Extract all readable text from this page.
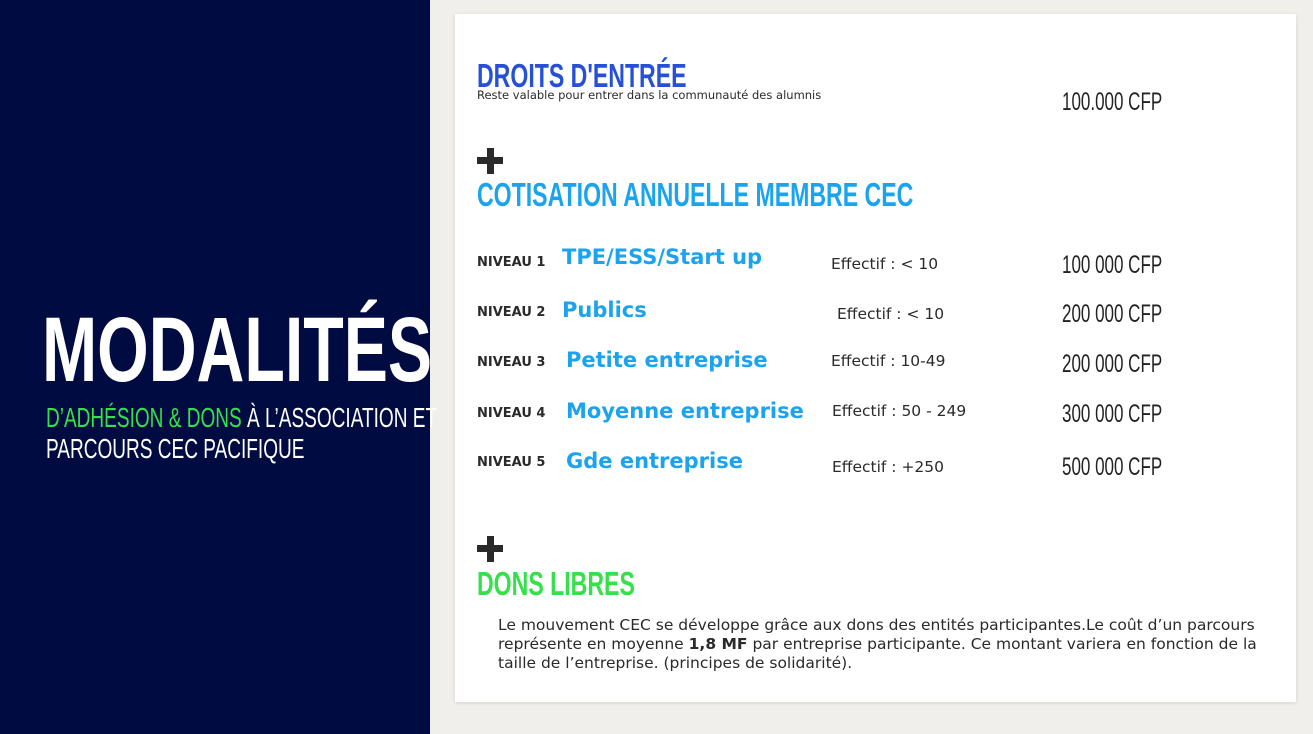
MODALITÉS
D’ADHÉSION & DONS À L’ASSOCIATION ET
PARCOURS CEC PACIFIQUE
DROITS D'ENTRÉE
Reste valable pour entrer dans la communauté des alumnis	100.000 CFP
COTISATION ANNUELLE MEMBRE CEC
NIVEAU 1 TPE/ESS/Start up	Effectif : < 10	100 000 CFP
NIVEAU 2 Publics	Effectif : < 10	200 000 CFP
NIVEAU 3 Petite entreprise	Effectif : 10-49	200 000 CFP
NIVEAU 4 Moyenne entreprise Effectif : 50 - 249	300 000 CFP
NIVEAU 5 Gde entreprise	Effectif : +250	500 000 CFP
DONS LIBRES
Le mouvement CEC se développe grâce aux dons des entités participantes.Le coût d’un parcours représente en moyenne 1,8 MF par entreprise participante. Ce montant variera en fonction de la taille de l’entreprise. (principes de solidarité).
